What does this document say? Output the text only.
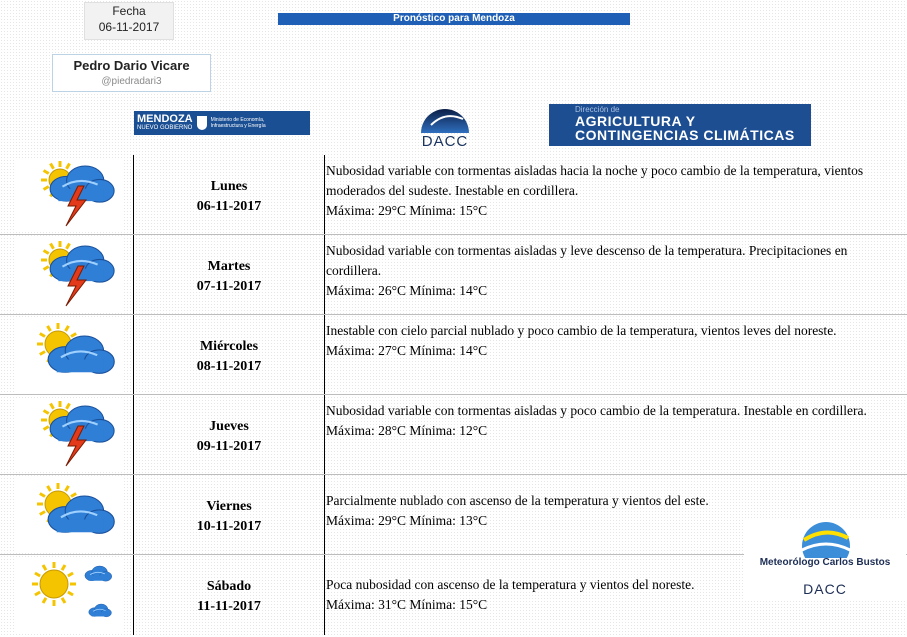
Fecha
06-11-2017
Pronóstico para Mendoza
Pedro Dario Vicare
@piedradari3
MENDOZA
NUEVO GOBIERNO
Ministerio de Economía, Infraestructura y Energía
DACC
Dirección de
AGRICULTURA Y
CONTINGENCIAS CLIMÁTICAS
Lunes
06-11-2017
Nubosidad variable con tormentas aisladas hacia la noche y poco cambio de la temperatura, vientos moderados del sudeste. Inestable en cordillera.
Máxima: 29°C Mínima: 15°C
Martes
07-11-2017
Nubosidad variable con tormentas aisladas y leve descenso de la temperatura. Precipitaciones en cordillera.
Máxima: 26°C Mínima: 14°C
Miércoles
08-11-2017
Inestable con cielo parcial nublado y poco cambio de la temperatura, vientos leves del noreste.
Máxima: 27°C Mínima: 14°C
Jueves
09-11-2017
Nubosidad variable con tormentas aisladas y poco cambio de la temperatura. Inestable en cordillera.
Máxima: 28°C Mínima: 12°C
Viernes
10-11-2017
Parcialmente nublado con ascenso de la temperatura y vientos del este.
Máxima: 29°C Mínima: 13°C
Sábado
11-11-2017
Poca nubosidad con ascenso de la temperatura y vientos del noreste.
Máxima: 31°C Mínima: 15°C
Meteorólogo Carlos Bustos
DACC
